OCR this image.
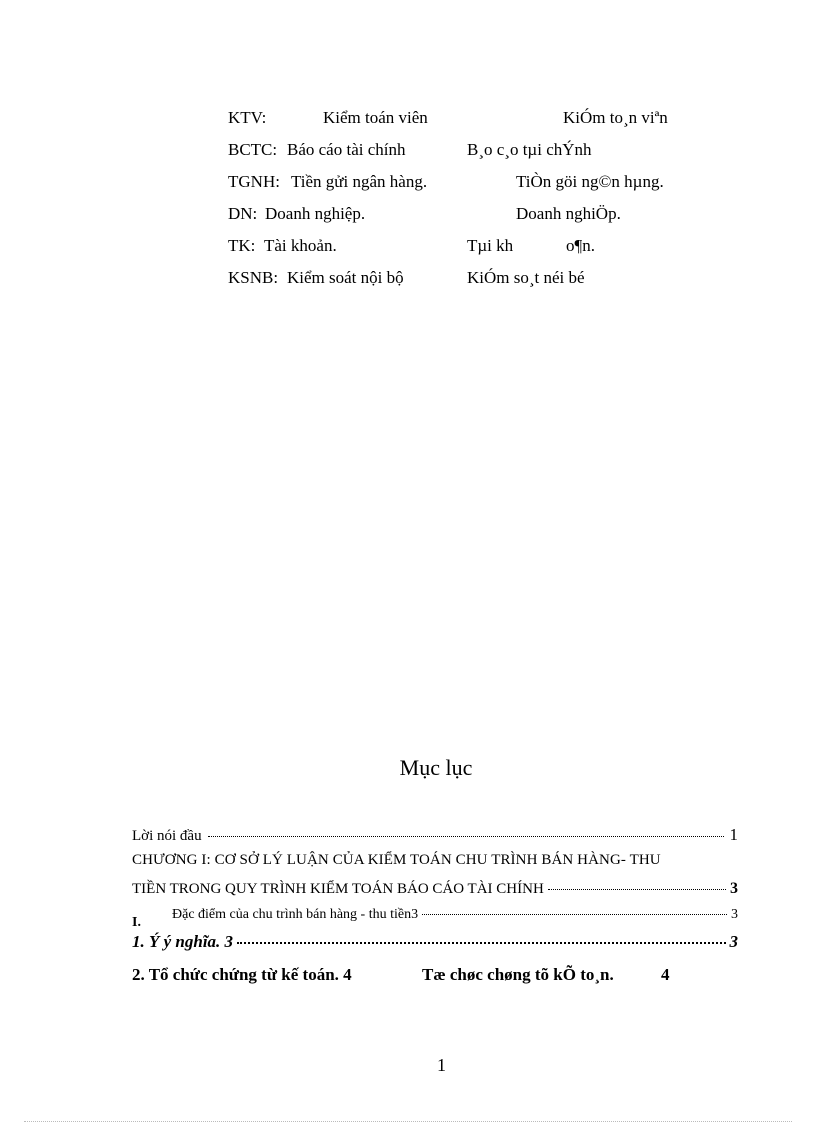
KTV:	Kiểm toán viên	KiÓm to¸n viªn
BCTC: Báo cáo tài chính	B¸o c¸o tµi chÝnh
TGNH: Tiền gửi ngân hàng.	TiÒn göi ng©n hµng.
DN: Doanh nghiệp.	Doanh nghiÖp.
TK: Tài khoản.	Tµi kh	o¶n.
KSNB: Kiểm soát nội bộ	KiÓm so¸t néi bé
Mục lục
Lời nói đầu	1
CHƯƠNG I: CƠ SỞ LÝ LUẬN CỦA KIỂM TOÁN CHU TRÌNH BÁN HÀNG- THU
TIỀN TRONG QUY TRÌNH KIỂM TOÁN BÁO CÁO TÀI CHÍNH	3
I.
Đặc điểm của chu trình bán hàng - thu tiền3	3
1. Ý ý nghĩa. 3	3
2. Tổ chức chứng từ kế toán. 4	Tæ chøc chøng tõ kÕ to¸n.	4
1
